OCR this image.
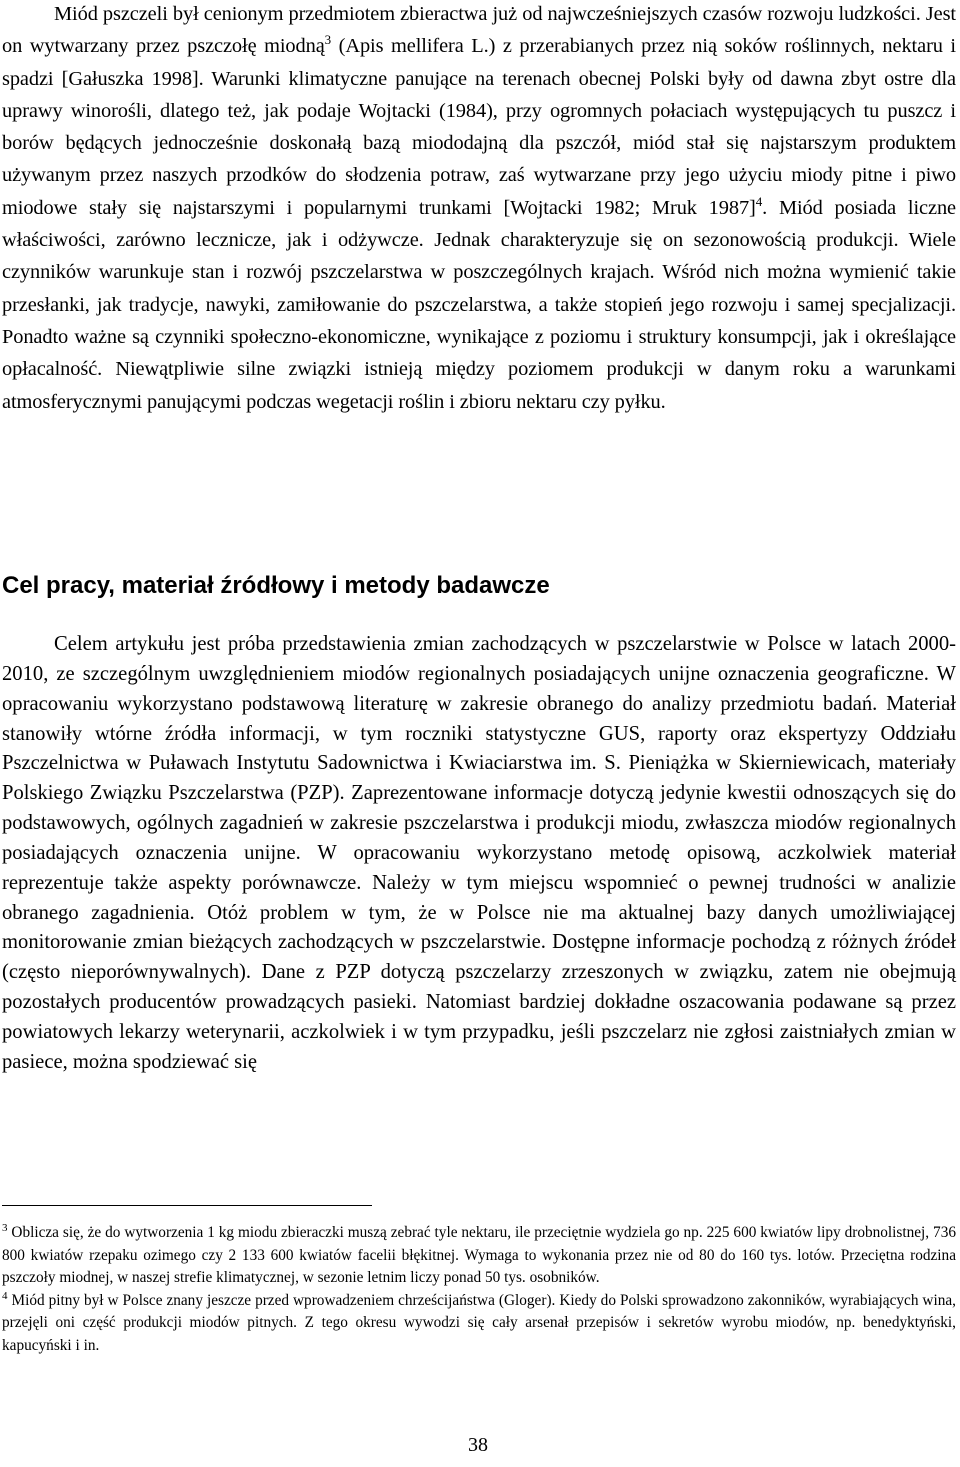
Miód pszczeli był cenionym przedmiotem zbieractwa już od najwcześniejszych czasów rozwoju ludzkości. Jest on wytwarzany przez pszczołę miodną$^3$ (Apis mellifera L.) z przerabianych przez nią soków roślinnych, nektaru i spadzi [Gałuszka 1998]. Warunki klimatyczne panujące na terenach obecnej Polski były od dawna zbyt ostre dla uprawy winorośli, dlatego też, jak podaje Wojtacki (1984), przy ogromnych połaciach występujących tu puszcz i borów będących jednocześnie doskonałą bazą miododajną dla pszczół, miód stał się najstarszym produktem używanym przez naszych przodków do słodzenia potraw, zaś wytwarzane przy jego użyciu miody pitne i piwo miodowe stały się najstarszymi i popularnymi trunkami [Wojtacki 1982; Mruk 1987]$^4$. Miód posiada liczne właściwości, zarówno lecznicze, jak i odżywcze. Jednak charakteryzuje się on sezonowością produkcji. Wiele czynników warunkuje stan i rozwój pszczelarstwa w poszczególnych krajach. Wśród nich można wymienić takie przesłanki, jak tradycje, nawyki, zamiłowanie do pszczelarstwa, a także stopień jego rozwoju i samej specjalizacji. Ponadto ważne są czynniki społeczno-ekonomiczne, wynikające z poziomu i struktury konsumpcji, jak i określające opłacalność. Niewątpliwie silne związki istnieją między poziomem produkcji w danym roku a warunkami atmosferycznymi panującymi podczas wegetacji roślin i zbioru nektaru czy pyłku.

Cel pracy, materiał źródłowy i metody badawcze

Celem artykułu jest próba przedstawienia zmian zachodzących w pszczelarstwie w Polsce w latach 2000-2010, ze szczególnym uwzględnieniem miodów regionalnych posiadających unijne oznaczenia geograficzne. W opracowaniu wykorzystano podstawową literaturę w zakresie obranego do analizy przedmiotu badań. Materiał stanowiły wtórne źródła informacji, w tym roczniki statystyczne GUS, raporty oraz ekspertyzy Oddziału Pszczelnictwa w Puławach Instytutu Sadownictwa i Kwiaciarstwa im. S. Pieniążka w Skierniewicach, materiały Polskiego Związku Pszczelarstwa (PZP). Zaprezentowane informacje dotyczą jedynie kwestii odnoszących się do podstawowych, ogólnych zagadnień w zakresie pszczelarstwa i produkcji miodu, zwłaszcza miodów regionalnych posiadających oznaczenia unijne. W opracowaniu wykorzystano metodę opisową, aczkolwiek materiał reprezentuje także aspekty porównawcze. Należy w tym miejscu wspomnieć o pewnej trudności w analizie obranego zagadnienia. Otóż problem w tym, że w Polsce nie ma aktualnej bazy danych umożliwiającej monitorowanie zmian bieżących zachodzących w pszczelarstwie. Dostępne informacje pochodzą z różnych źródeł (często nieporównywalnych). Dane z PZP dotyczą pszczelarzy zrzeszonych w związku, zatem nie obejmują pozostałych producentów prowadzących pasieki. Natomiast bardziej dokładne oszacowania podawane są przez powiatowych lekarzy weterynarii, aczkolwiek i w tym przypadku, jeśli pszczelarz nie zgłosi zaistniałych zmian w pasiece, można spodziewać się

$^3$ Oblicza się, że do wytworzenia 1 kg miodu zbieraczki muszą zebrać tyle nektaru, ile przeciętnie wydziela go np. 225 600 kwiatów lipy drobnolistnej, 736 800 kwiatów rzepaku ozimego czy 2 133 600 kwiatów facelii błękitnej. Wymaga to wykonania przez nie od 80 do 160 tys. lotów. Przeciętna rodzina pszczoły miodnej, w naszej strefie klimatycznej, w sezonie letnim liczy ponad 50 tys. osobników.

$^4$ Miód pitny był w Polsce znany jeszcze przed wprowadzeniem chrześcijaństwa (Gloger). Kiedy do Polski sprowadzono zakonników, wyrabiających wina, przejęli oni część produkcji miodów pitnych. Z tego okresu wywodzi się cały arsenał przepisów i sekretów wyrobu miodów, np. benedyktyński, kapucyński i in.

38
